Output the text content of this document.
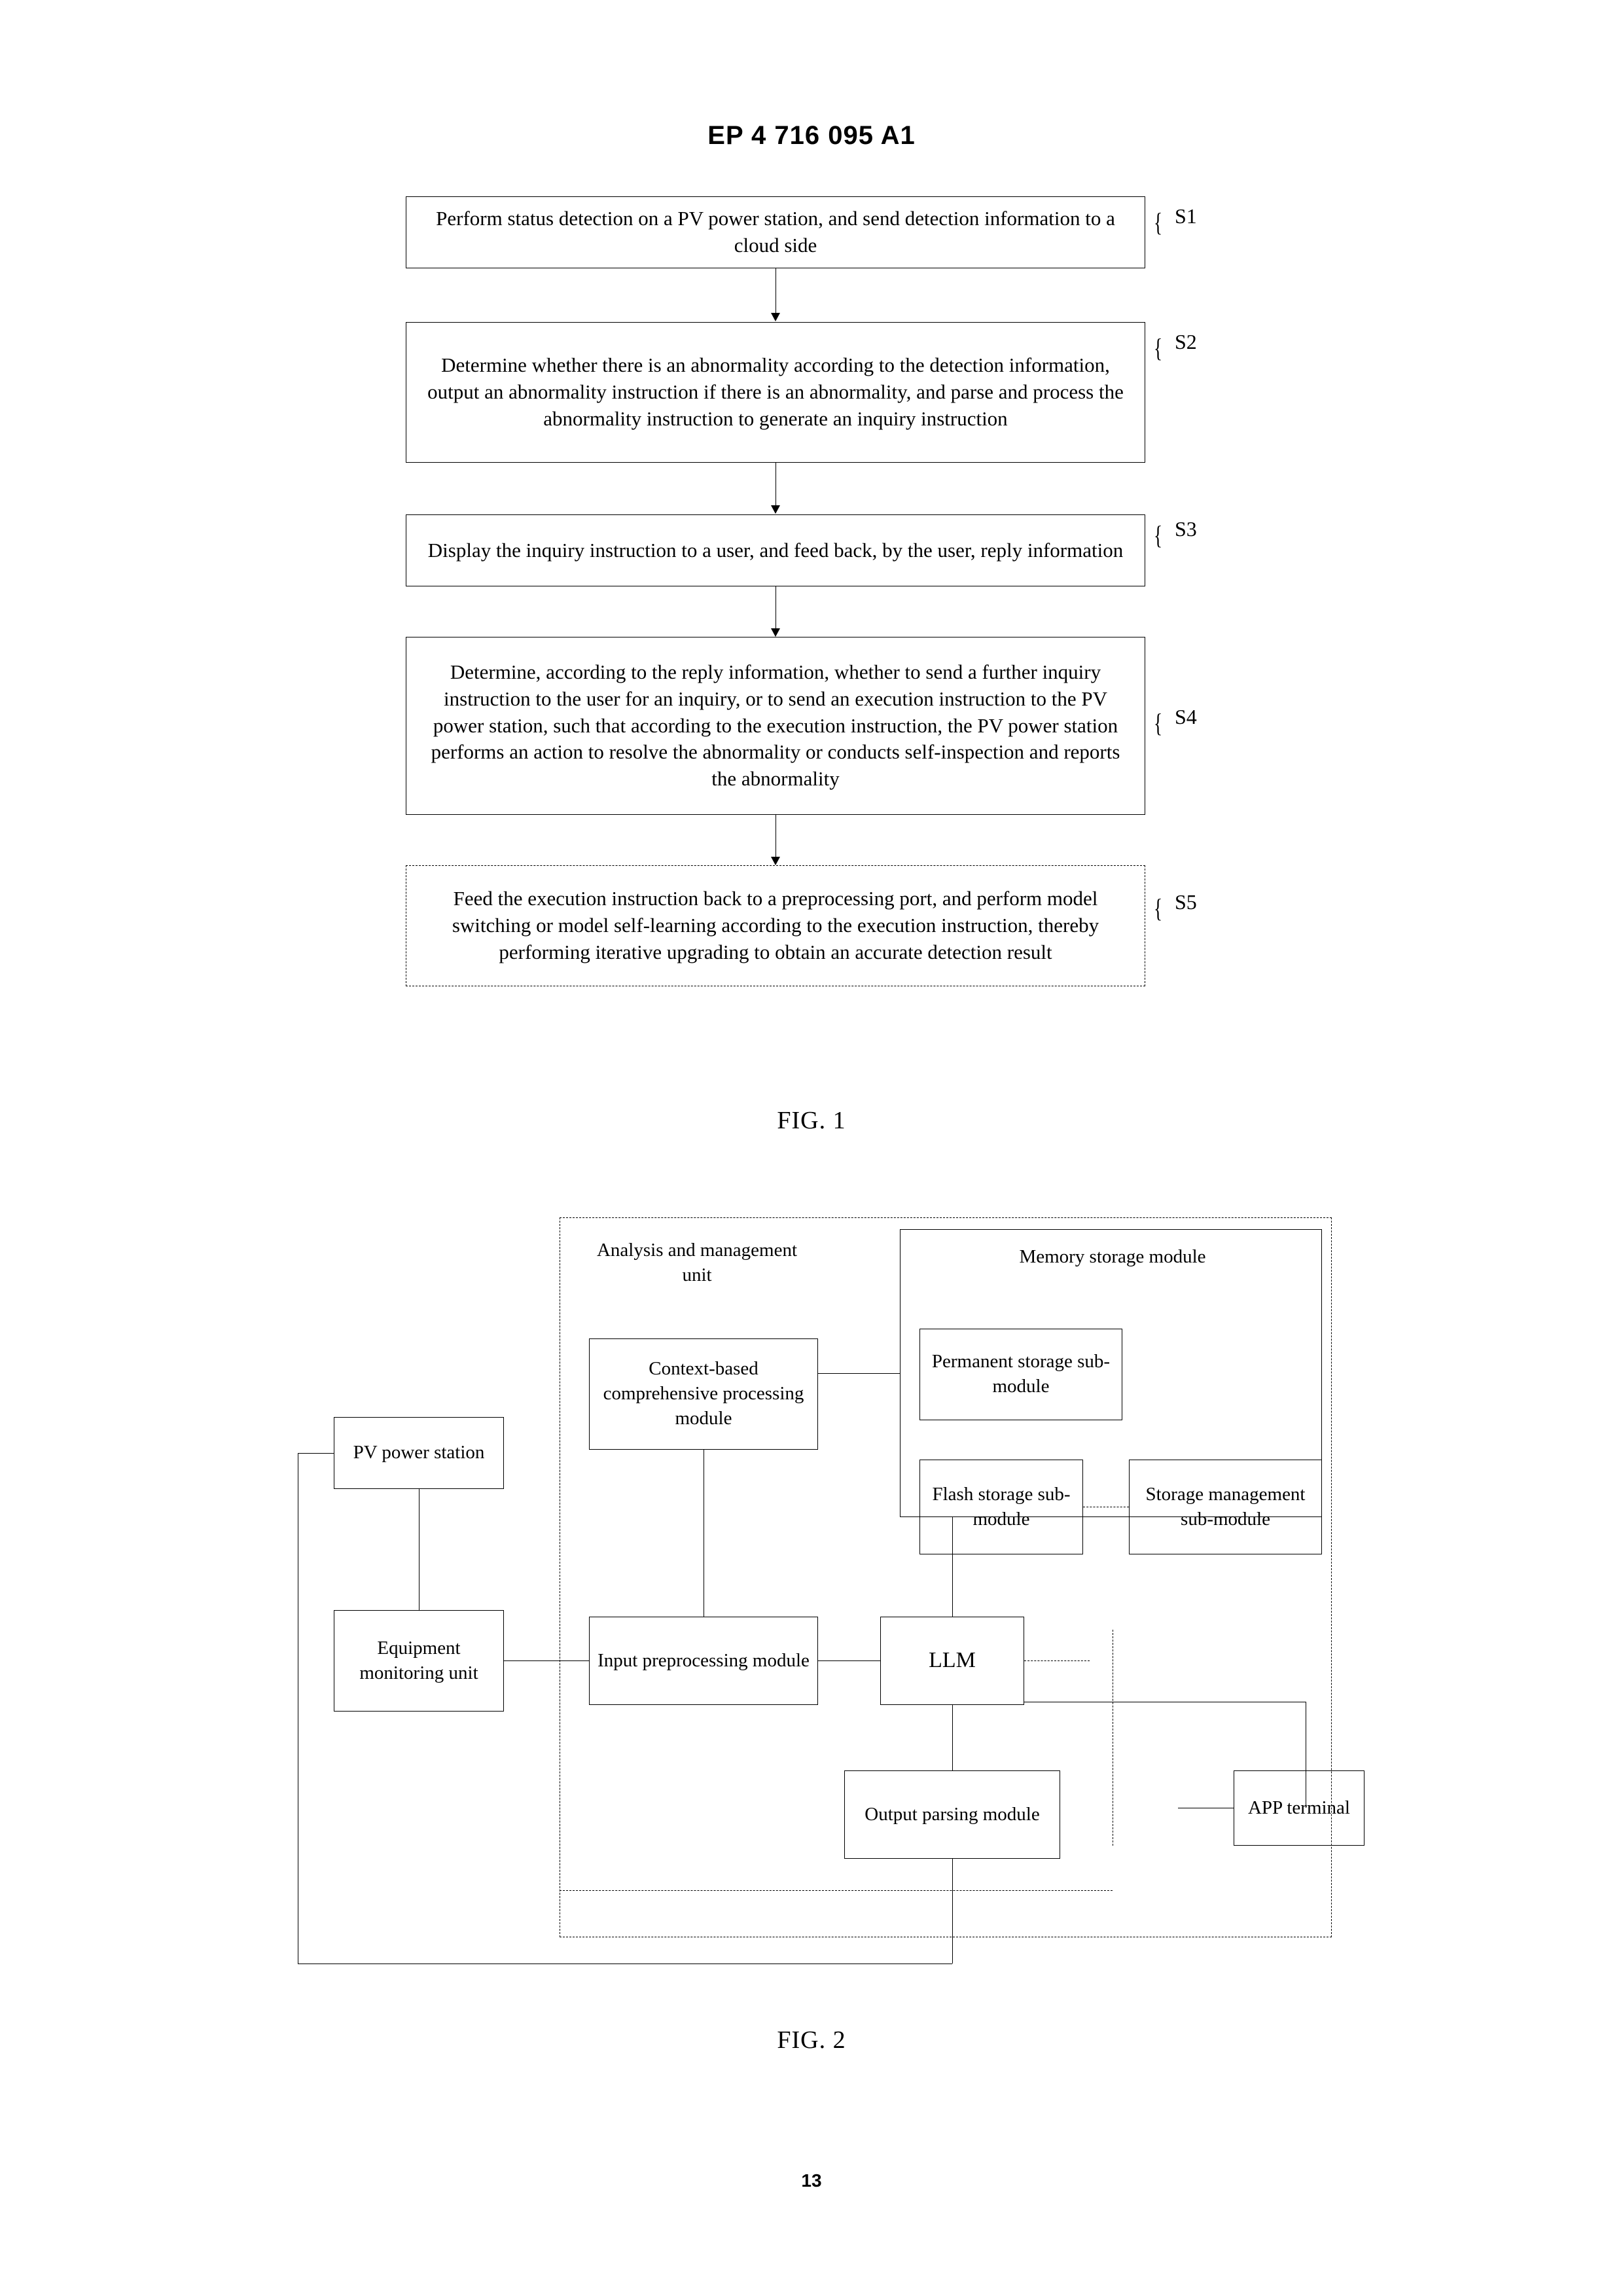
EP 4 716 095 A1
Perform status detection on a PV power station, and send detection information to a cloud side
{ S1
Determine whether there is an abnormality according to the detection information, output an abnormality instruction if there is an abnormality, and parse and process the abnormality instruction to generate an inquiry instruction
{ S2
Display the inquiry instruction to a user, and feed back, by the user, reply information
{ S3
Determine, according to the reply information, whether to send a further inquiry instruction to the user for an inquiry, or to send an execution instruction to the PV power station, such that according to the execution instruction, the PV power station performs an action to resolve the abnormality or conducts self-inspection and reports the abnormality
{ S4
Feed the execution instruction back to a preprocessing port, and perform model switching or model self-learning according to the execution instruction, thereby performing iterative upgrading to obtain an accurate detection result
{ S5
FIG. 1
Analysis and management unit
Memory storage module
Permanent storage sub-module
Flash storage sub-module
Storage management sub-module
Context-based comprehensive processing module
Input preprocessing module	LLM
Output parsing module	APP terminal
PV power station
Equipment monitoring unit
FIG. 2
13
